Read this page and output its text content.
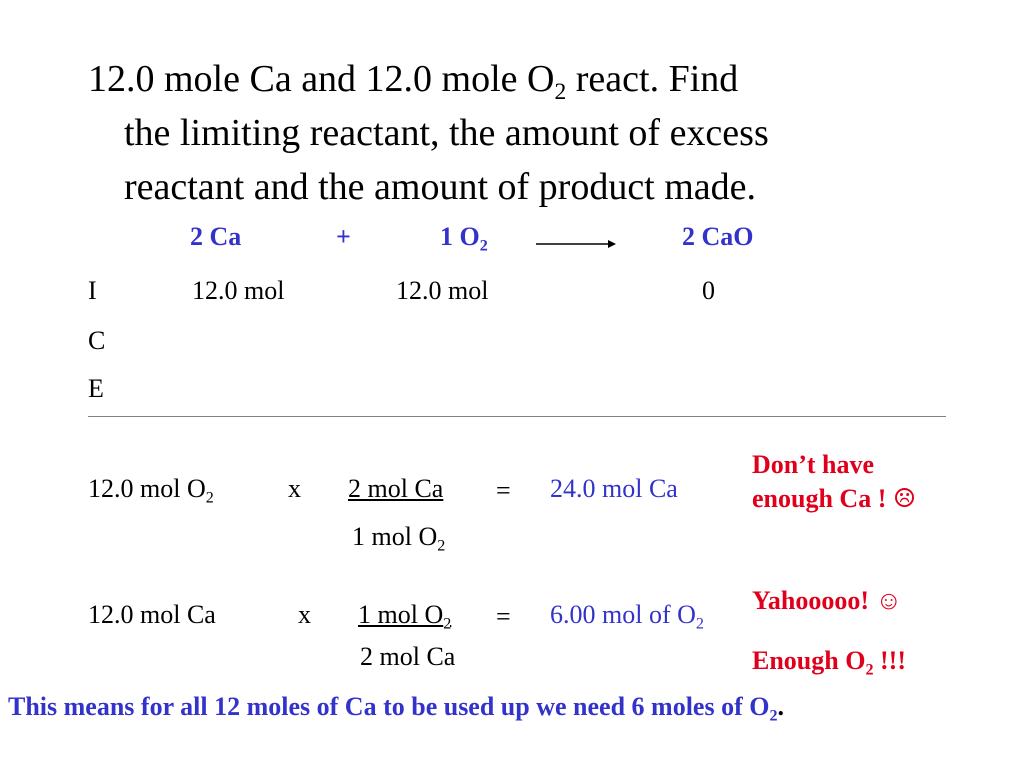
12.0 mole Ca and 12.0 mole $O_2$ react. Find
the limiting reactant, the amount of excess
reactant and the amount of product made.
2 Ca	+	1 $O_2$	2 CaO
I	12.0 mol	12.0 mol	0
C
E
12.0 mol $O_2$	x 2 mol Ca
1 mol $O_2$
= 24.0 mol Ca
12.0 mol Ca	x 1 mol $O_2$
2 mol Ca
= 6.00 mol of $O_2$
Don’t have
enough Ca ! ☹
Yahooooo! ☺
Enough $O_2$ !!!
This means for all 12 moles of Ca to be used up we need 6 moles of $O_2$.
